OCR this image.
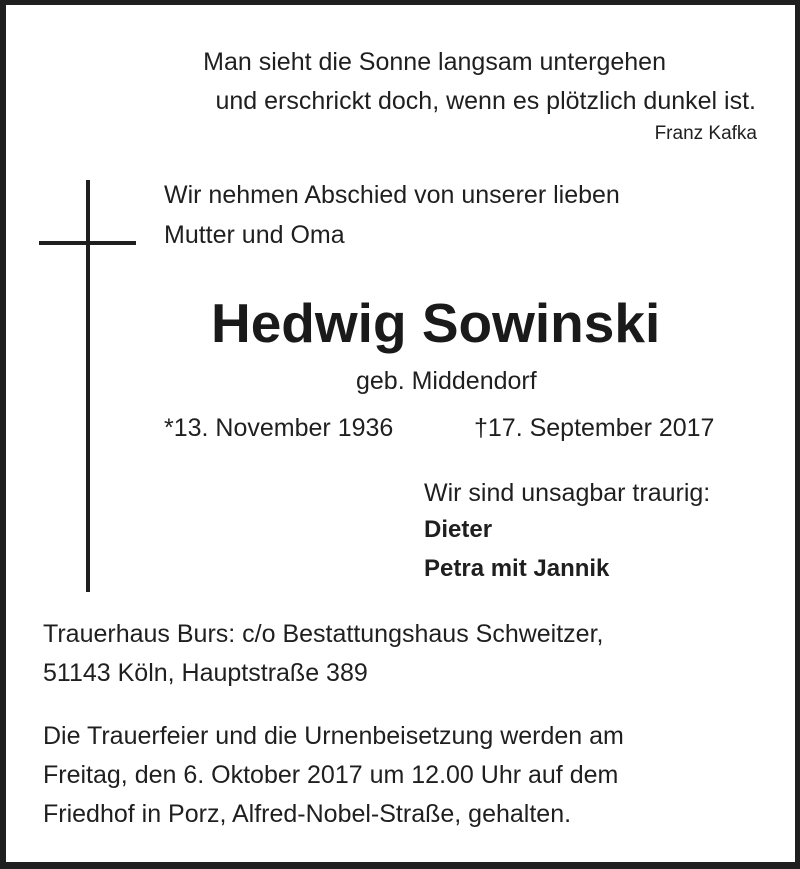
Man sieht die Sonne langsam untergehen
und erschrickt doch, wenn es plötzlich dunkel ist.
Franz Kafka
Wir nehmen Abschied von unserer lieben
Mutter und Oma
Hedwig Sowinski
geb. Middendorf
*13. November 1936	†17. September 2017
Wir sind unsagbar traurig:
Dieter
Petra mit Jannik
Trauerhaus Burs: c/o Bestattungshaus Schweitzer,
51143 Köln, Hauptstraße 389
Die Trauerfeier und die Urnenbeisetzung werden am
Freitag, den 6. Oktober 2017 um 12.00 Uhr auf dem
Friedhof in Porz, Alfred-Nobel-Straße, gehalten.
